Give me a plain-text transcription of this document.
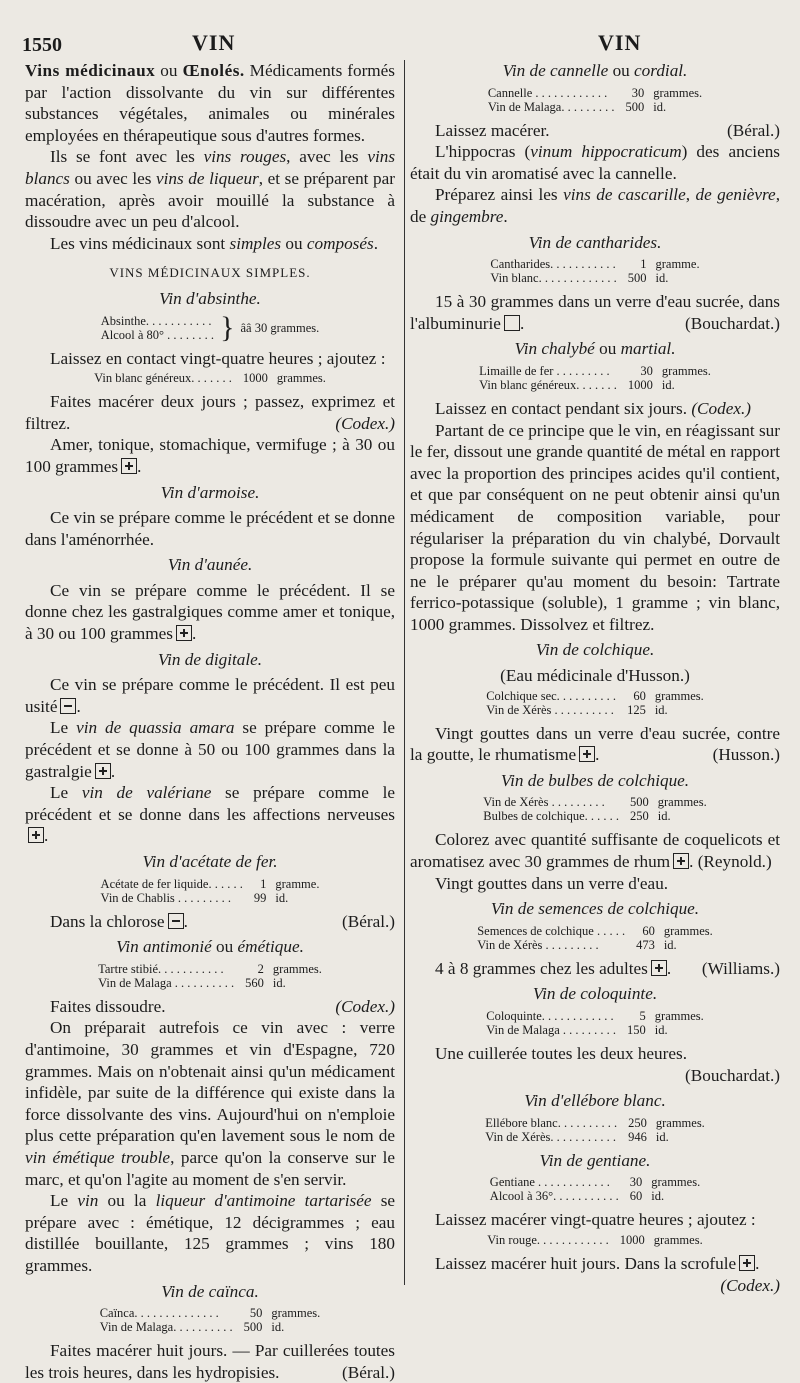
1550	VIN	VIN

Vins médicinaux ou Œnolés. Médicaments formés par l'action dissolvante du vin sur différentes substances végétales, animales ou minérales employées en thérapeutique sous d'autres formes.

Ils se font avec les vins rouges, avec les vins blancs ou avec les vins de liqueur, et se préparent par macération, après avoir mouillé la substance à dissoudre avec un peu d'alcool.

Les vins médicinaux sont simples ou composés.

VINS MÉDICINAUX SIMPLES.
Vin d'absinthe.
Absinthe. . . . . . . . . . .	}	ââ 30 grammes.
Alcool à 80° . . . . . . . .

Laissez en contact vingt-quatre heures ; ajoutez :

Vin blanc généreux. . . . . . .	1000	grammes.

Faites macérer deux jours ; passez, exprimez et filtrez.	(Codex.)

Amer, tonique, stomachique, vermifuge ; à 30 ou 100 grammes .

Vin d'armoise.

Ce vin se prépare comme le précédent et se donne dans l'aménorrhée.

Vin d'aunée.

Ce vin se prépare comme le précédent. Il se donne chez les gastralgiques comme amer et tonique, à 30 ou 100 grammes .

Vin de digitale.

Ce vin se prépare comme le précédent. Il est peu usité .

Le vin de quassia amara se prépare comme le précédent et se donne à 50 ou 100 grammes dans la gastralgie .

Le vin de valériane se prépare comme le précédent et se donne dans les affections nerveuses.

Vin d'acétate de fer.
Acétate de fer liquide. . . . . .	1	gramme.
Vin de Chablis . . . . . . . . .	99	id.

Dans la chlorose .	(Béral.)

Vin antimonié ou émétique.
Tartre stibié. . . . . . . . . . .	2	grammes.
Vin de Malaga . . . . . . . . . .	560	id.

Faites dissoudre.	(Codex.)

On préparait autrefois ce vin avec : verre d'antimoine, 30 grammes et vin d'Espagne, 720 grammes. Mais on n'obtenait ainsi qu'un médicament infidèle, par suite de la différence qui existe dans la force dissolvante des vins. Aujourd'hui on n'emploie plus cette préparation qu'en lavement sous le nom de vin émétique trouble, parce qu'on la conserve sur le marc, et qu'on l'agite au moment de s'en servir.

Le vin ou la liqueur d'antimoine tartarisée se prépare avec : émétique, 12 décigrammes ; eau distillée bouillante, 125 grammes ; vins 180 grammes.

Vin de caïnca.
Caïnca. . . . . . . . . . . . . .	50	grammes.
Vin de Malaga. . . . . . . . . .	500	id.

Faites macérer huit jours. — Par cuillerées toutes les trois heures, dans les hydropisies.	(Béral.)

Vin de cannelle ou cordial.
Cannelle . . . . . . . . . . . .	30	grammes.
Vin de Malaga. . . . . . . . .	500	id.

Laissez macérer.	(Béral.)

L'hippocras (vinum hippocraticum) des anciens était du vin aromatisé avec la cannelle.

Préparez ainsi les vins de cascarille, de genièvre, de gingembre.

Vin de cantharides.
Cantharides. . . . . . . . . . .	1	gramme.
Vin blanc. . . . . . . . . . . . .	500	id.

15 à 30 grammes dans un verre d'eau sucrée, dans l'albuminurie .	(Bouchardat.)

Vin chalybé ou martial.
Limaille de fer . . . . . . . . .	30	grammes.
Vin blanc généreux. . . . . . .	1000	id.

Laissez en contact pendant six jours. (Codex.)

Partant de ce principe que le vin, en réagissant sur le fer, dissout une grande quantité de métal en rapport avec la proportion des principes acides qu'il contient, et que par conséquent on ne peut obtenir ainsi qu'un médicament de composition variable, pour régulariser la préparation du vin chalybé, Dorvault propose la formule suivante qui permet en outre de ne le préparer qu'au moment du besoin: Tartrate ferrico-potassique (soluble), 1 gramme ; vin blanc, 1000 grammes. Dissolvez et filtrez.

Vin de colchique.
(Eau médicinale d'Husson.)
Colchique sec. . . . . . . . . .	60	grammes.
Vin de Xérès . . . . . . . . . .	125	id.

Vingt gouttes dans un verre d'eau sucrée, contre la goutte, le rhumatisme .	(Husson.)

Vin de bulbes de colchique.
Vin de Xérès . . . . . . . . .	500	grammes.
Bulbes de colchique. . . . . .	250	id.

Colorez avec quantité suffisante de coquelicots et aromatisez avec 30 grammes de rhum . (Reynold.)

Vingt gouttes dans un verre d'eau.

Vin de semences de colchique.
Semences de colchique . . . . .	60	grammes.
Vin de Xérès . . . . . . . . .	473	id.

4 à 8 grammes chez les adultes .	(Williams.)

Vin de coloquinte.
Coloquinte. . . . . . . . . . . .	5	grammes.
Vin de Malaga . . . . . . . . .	150	id.

Une cuillerée toutes les deux heures.

(Bouchardat.)

Vin d'ellébore blanc.
Ellébore blanc. . . . . . . . . .	250	grammes.
Vin de Xérès. . . . . . . . . . .	946	id.
Vin de gentiane.
Gentiane . . . . . . . . . . . .	30	grammes.
Alcool à 36°. . . . . . . . . . .	60	id.

Laissez macérer vingt-quatre heures ; ajoutez :

Vin rouge. . . . . . . . . . . .	1000	grammes.

Laissez macérer huit jours. Dans la scrofule .

(Codex.)
